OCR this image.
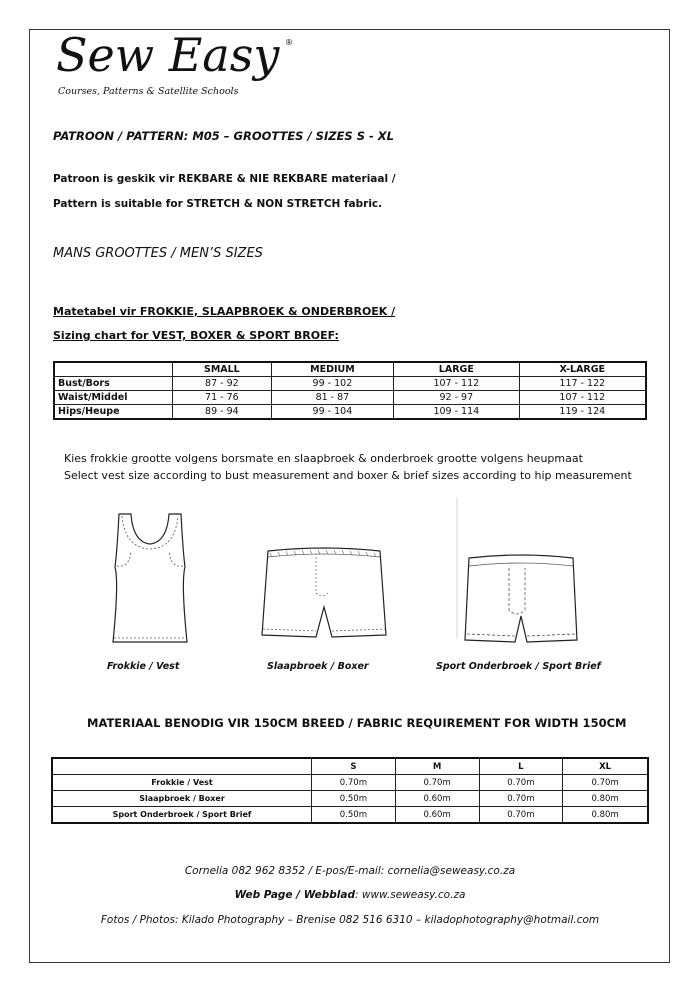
Sew Easy ®
Courses, Patterns & Satellite Schools
PATROON / PATTERN: M05 – GROOTTES / SIZES S - XL
Patroon is geskik vir REKBARE & NIE REKBARE materiaal /
Pattern is suitable for STRETCH & NON STRETCH fabric.
MANS GROOTTES / MEN’S SIZES
Matetabel vir FROKKIE, SLAAPBROEK & ONDERBROEK /
Sizing chart for VEST, BOXER & SPORT BROEF:
	SMALL	MEDIUM	LARGE	X-LARGE
Bust/Bors	87 - 92	99 - 102	107 - 112	117 - 122
Waist/Middel	71 - 76	81 - 87	92 - 97	107 - 112
Hips/Heupe	89 - 94	99 - 104	109 - 114	119 - 124
Kies frokkie grootte volgens borsmate en slaapbroek & onderbroek grootte volgens heupmaat
Select vest size according to bust measurement and boxer & brief sizes according to hip measurement
Frokkie / Vest	Slaapbroek / Boxer	Sport Onderbroek / Sport Brief
MATERIAAL BENODIG VIR 150CM BREED / FABRIC REQUIREMENT FOR WIDTH 150CM
	S	M	L	XL
Frokkie / Vest	0.70m	0.70m	0.70m	0.70m
Slaapbroek / Boxer	0.50m	0.60m	0.70m	0.80m
Sport Onderbroek / Sport Brief	0.50m	0.60m	0.70m	0.80m
Cornelia 082 962 8352 / E-pos/E-mail: cornelia@seweasy.co.za
Web Page / Webblad: www.seweasy.co.za
Fotos / Photos: Kilado Photography – Brenise 082 516 6310 – kiladophotography@hotmail.com
